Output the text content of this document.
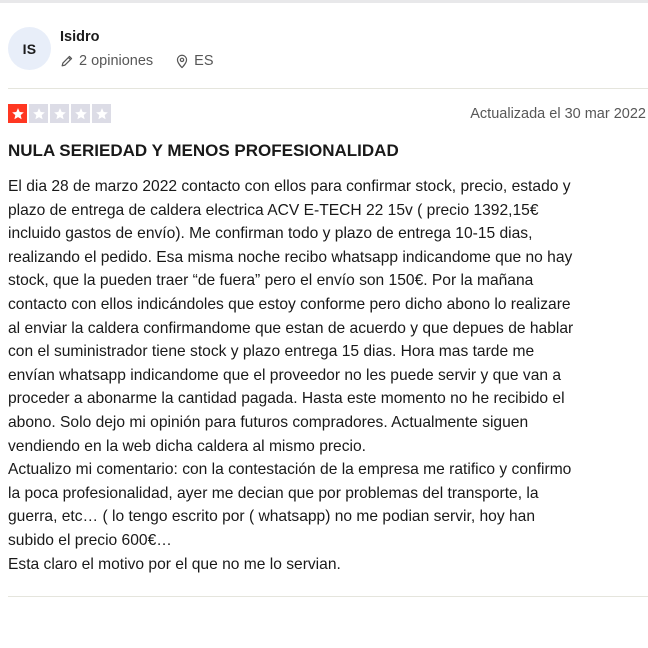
IS
Isidro
2 opiniones	ES
Actualizada el 30 mar 2022
NULA SERIEDAD Y MENOS PROFESIONALIDAD

El dia 28 de marzo 2022 contacto con ellos para confirmar stock, precio, estado y

plazo de entrega de caldera electrica ACV E-TECH 22 15v ( precio 1392,15€

incluido gastos de envío). Me confirman todo y plazo de entrega 10-15 dias,

realizando el pedido. Esa misma noche recibo whatsapp indicandome que no hay

stock, que la pueden traer “de fuera” pero el envío son 150€. Por la mañana

contacto con ellos indicándoles que estoy conforme pero dicho abono lo realizare

al enviar la caldera confirmandome que estan de acuerdo y que depues de hablar

con el suministrador tiene stock y plazo entrega 15 dias. Hora mas tarde me

envían whatsapp indicandome que el proveedor no les puede servir y que van a

proceder a abonarme la cantidad pagada. Hasta este momento no he recibido el

abono. Solo dejo mi opinión para futuros compradores. Actualmente siguen

vendiendo en la web dicha caldera al mismo precio.

Actualizo mi comentario: con la contestación de la empresa me ratifico y confirmo

la poca profesionalidad, ayer me decian que por problemas del transporte, la

guerra, etc… ( lo tengo escrito por ( whatsapp) no me podian servir, hoy han

subido el precio 600€…

Esta claro el motivo por el que no me lo servian.
